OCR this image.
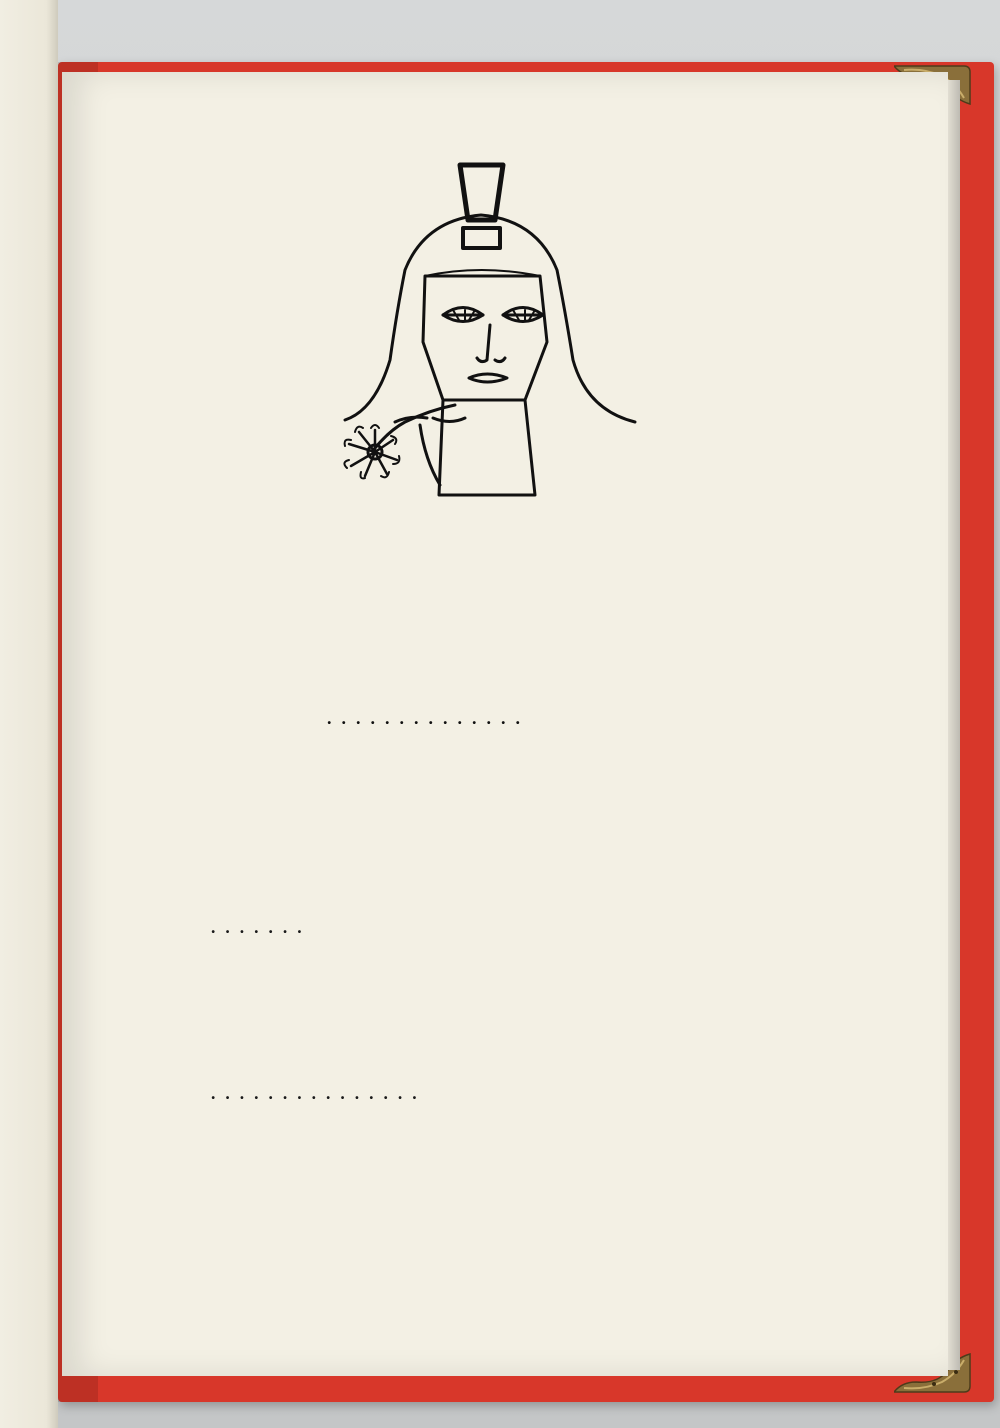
..............
.......
...............
